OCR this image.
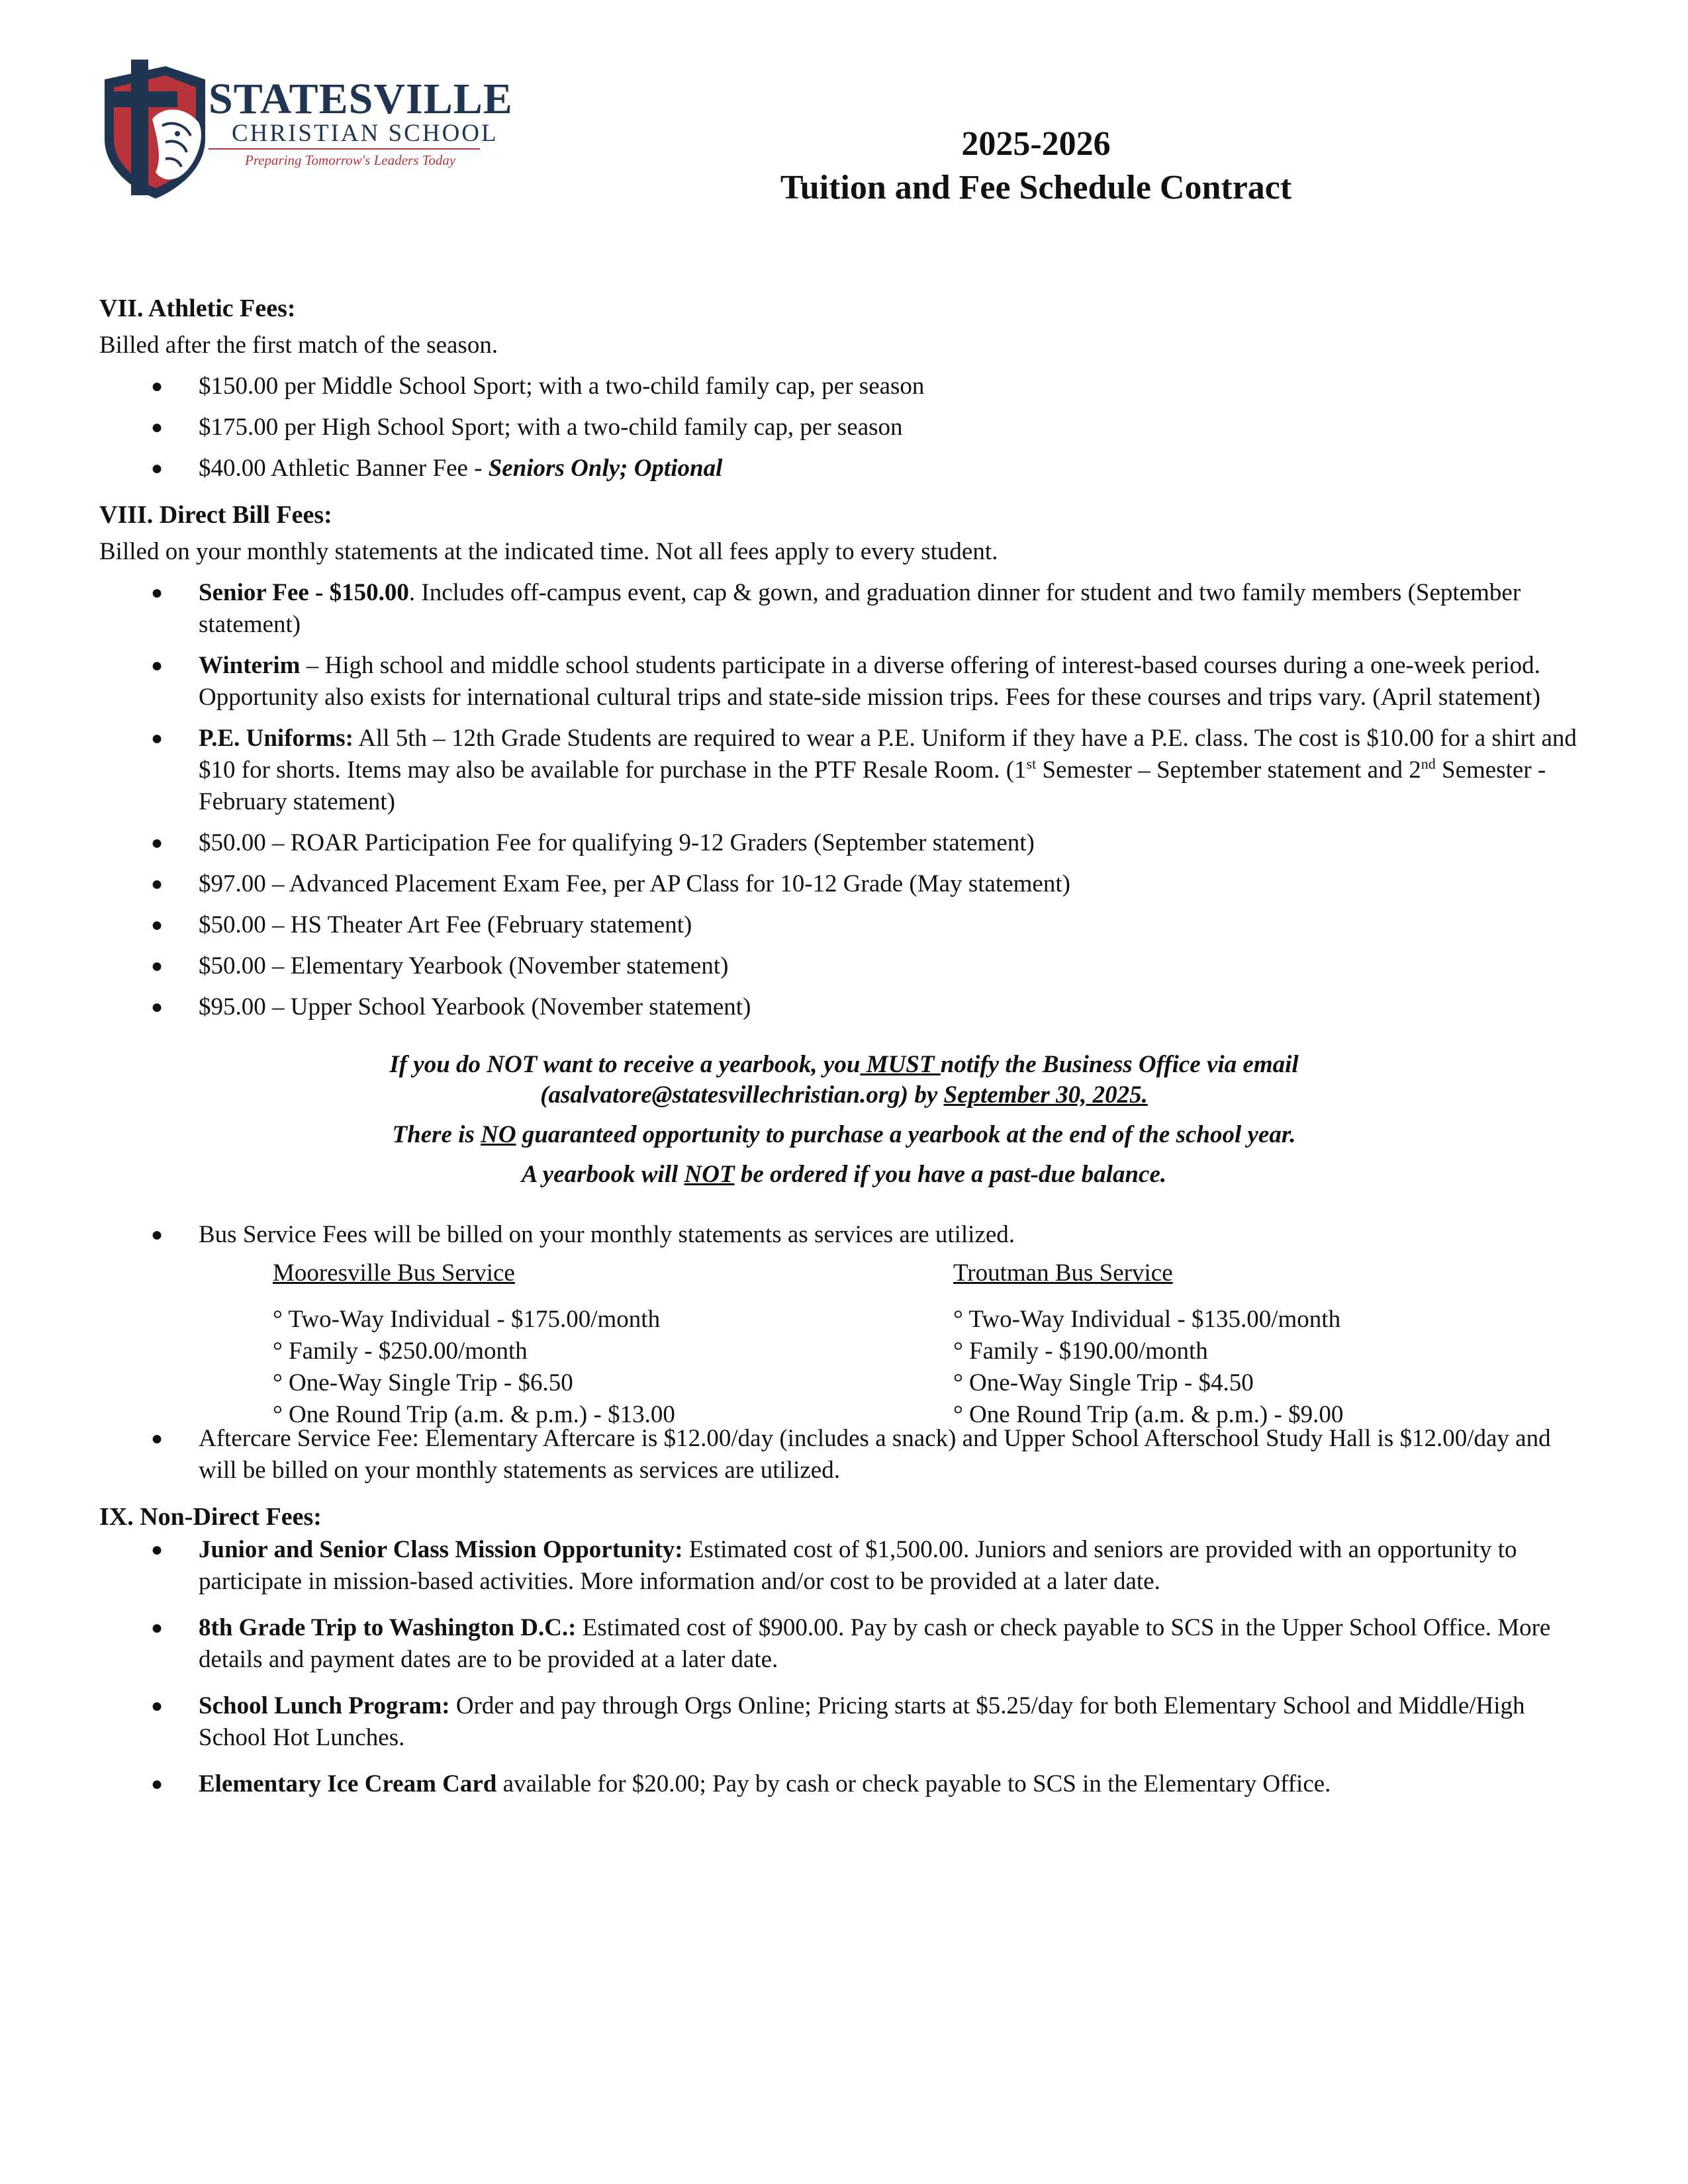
STATESVILLE
CHRISTIAN SCHOOL
Preparing Tomorrow's Leaders Today	2025-2026
Tuition and Fee Schedule Contract
VII. Athletic Fees:

Billed after the first match of the season.

● $150.00 per Middle School Sport; with a two-child family cap, per season
● $175.00 per High School Sport; with a two-child family cap, per season
● $40.00 Athletic Banner Fee - Seniors Only; Optional
VIII. Direct Bill Fees:

Billed on your monthly statements at the indicated time. Not all fees apply to every student.

● Senior Fee - $150.00. Includes off-campus event, cap & gown, and graduation dinner for student and two family members (September statement)
● Winterim – High school and middle school students participate in a diverse offering of interest-based courses during a one-week period. Opportunity also exists for international cultural trips and state-side mission trips. Fees for these courses and trips vary. (April statement)
● P.E. Uniforms: All 5th – 12th Grade Students are required to wear a P.E. Uniform if they have a P.E. class. The cost is $10.00 for a shirt and $10 for shorts. Items may also be available for purchase in the PTF Resale Room. (1st Semester – September statement and 2nd Semester - February statement)
● $50.00 – ROAR Participation Fee for qualifying 9-12 Graders (September statement)
● $97.00 – Advanced Placement Exam Fee, per AP Class for 10-12 Grade (May statement)
● $50.00 – HS Theater Art Fee (February statement)
● $50.00 – Elementary Yearbook (November statement)
● $95.00 – Upper School Yearbook (November statement)

If you do NOT want to receive a yearbook, you MUST notify the Business Office via email

(asalvatore@statesvillechristian.org) by September 30, 2025.

There is NO guaranteed opportunity to purchase a yearbook at the end of the school year.

A yearbook will NOT be ordered if you have a past-due balance.

● Bus Service Fees will be billed on your monthly statements as services are utilized.
Mooresville Bus Service

° Two-Way Individual - $175.00/month

° Family - $250.00/month

° One-Way Single Trip - $6.50

° One Round Trip (a.m. & p.m.) - $13.00

Troutman Bus Service

° Two-Way Individual - $135.00/month

° Family - $190.00/month

° One-Way Single Trip - $4.50

° One Round Trip (a.m. & p.m.) - $9.00

● Aftercare Service Fee: Elementary Aftercare is $12.00/day (includes a snack) and Upper School Afterschool Study Hall is $12.00/day and will be billed on your monthly statements as services are utilized.
IX. Non-Direct Fees:
● Junior and Senior Class Mission Opportunity: Estimated cost of $1,500.00. Juniors and seniors are provided with an opportunity to participate in mission-based activities. More information and/or cost to be provided at a later date.
● 8th Grade Trip to Washington D.C.: Estimated cost of $900.00. Pay by cash or check payable to SCS in the Upper School Office. More details and payment dates are to be provided at a later date.
● School Lunch Program: Order and pay through Orgs Online; Pricing starts at $5.25/day for both Elementary School and Middle/High School Hot Lunches.
● Elementary Ice Cream Card available for $20.00; Pay by cash or check payable to SCS in the Elementary Office.
